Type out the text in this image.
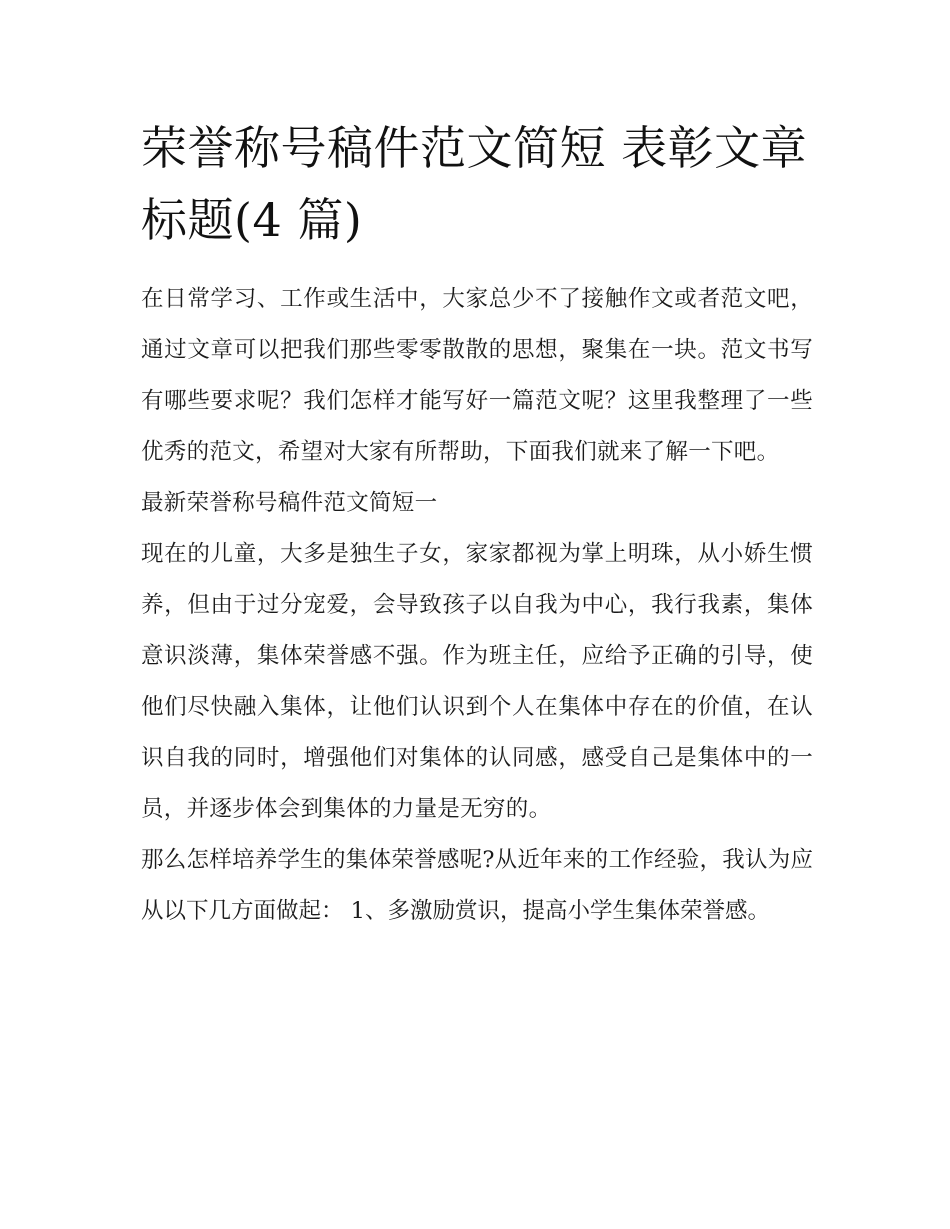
荣誉称号稿件范文简短 表彰文章标题(4 篇)

在日常学习、工作或生活中，大家总少不了接触作文或者范文吧，通过文章可以把我们那些零零散散的思想，聚集在一块。范文书写有哪些要求呢？我们怎样才能写好一篇范文呢？这里我整理了一些优秀的范文，希望对大家有所帮助，下面我们就来了解一下吧。

最新荣誉称号稿件范文简短一

现在的儿童，大多是独生子女，家家都视为掌上明珠，从小娇生惯养，但由于过分宠爱，会导致孩子以自我为中心，我行我素，集体意识淡薄，集体荣誉感不强。作为班主任，应给予正确的引导，使他们尽快融入集体，让他们认识到个人在集体中存在的价值，在认识自我的同时，增强他们对集体的认同感，感受自己是集体中的一员，并逐步体会到集体的力量是无穷的。

那么怎样培养学生的集体荣誉感呢?从近年来的工作经验，我认为应从以下几方面做起： 1、多激励赏识，提高小学生集体荣誉感。
